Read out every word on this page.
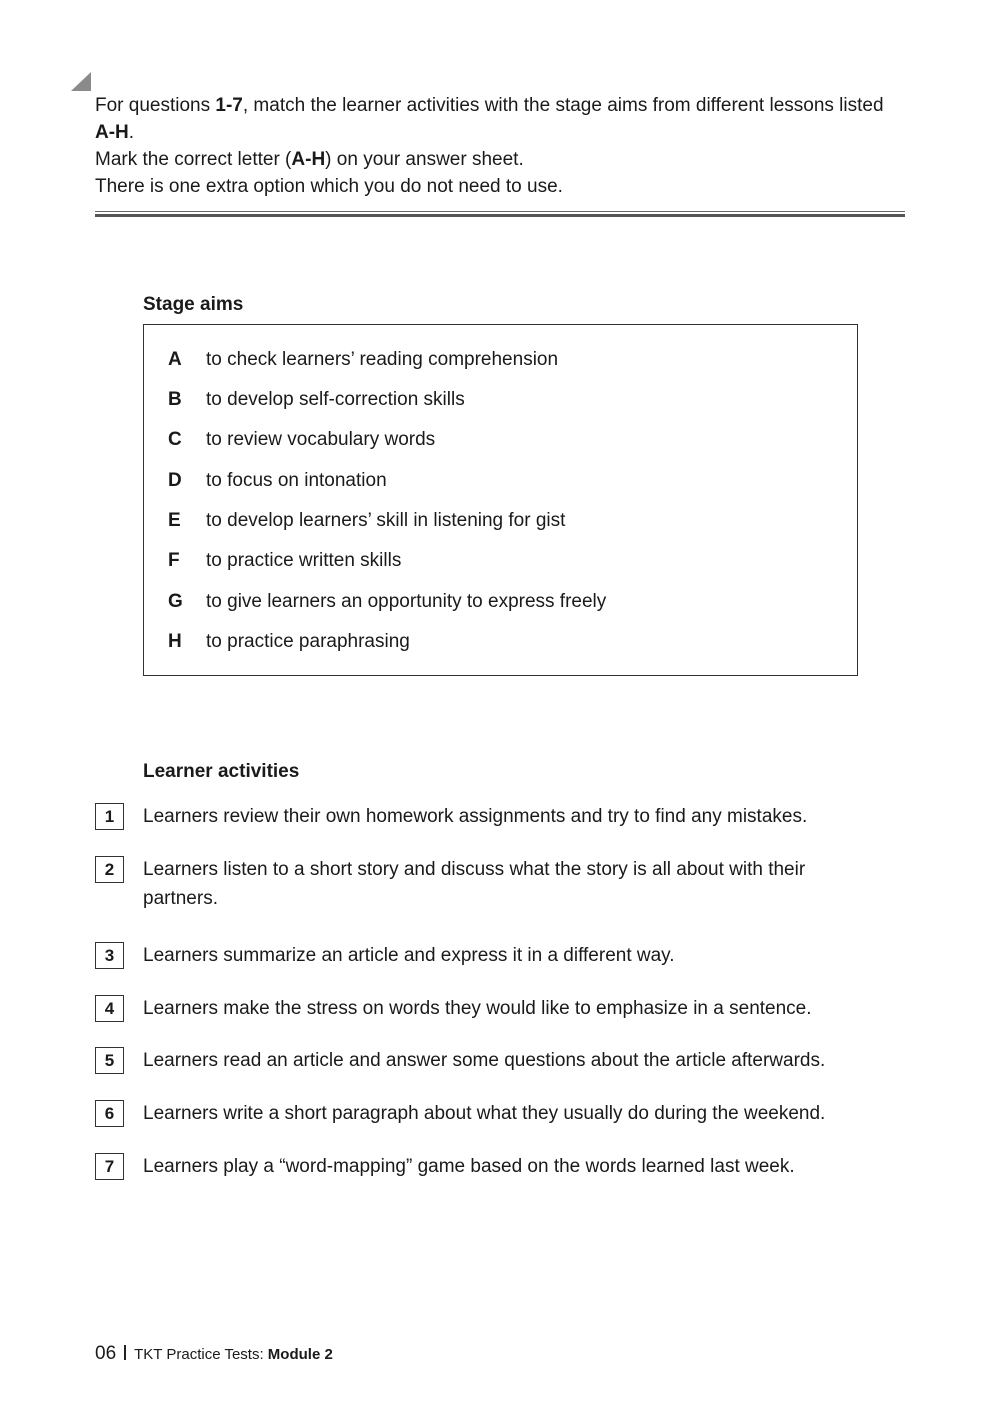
For questions 1-7, match the learner activities with the stage aims from different lessons listed A-H.

Mark the correct letter (A-H) on your answer sheet.

There is one extra option which you do not need to use.

Stage aims
A to check learners’ reading comprehension
B to develop self-correction skills
C to review vocabulary words
D to focus on intonation
E to develop learners’ skill in listening for gist
F to practice written skills
G to give learners an opportunity to express freely
H to practice paraphrasing
Learner activities
1	Learners review their own homework assignments and try to find any mistakes.
2	Learners listen to a short story and discuss what the story is all about with their partners.
3	Learners summarize an article and express it in a different way.
4	Learners make the stress on words they would like to emphasize in a sentence.
5	Learners read an article and answer some questions about the article afterwards.
6	Learners write a short paragraph about what they usually do during the weekend.
7	Learners play a “word-mapping” game based on the words learned last week.
06 TKT Practice Tests: Module 2
